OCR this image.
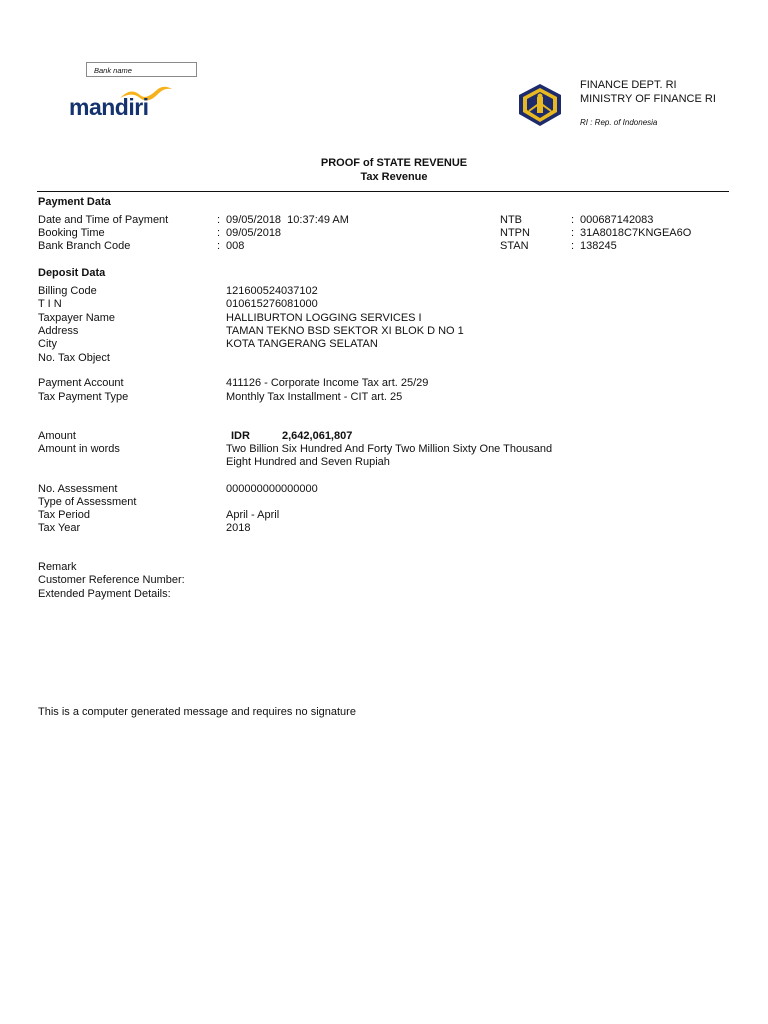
Bank name
mandiri
FINANCE DEPT. RI
MINISTRY OF FINANCE RI
RI : Rep. of Indonesia
PROOF of STATE REVENUE
Tax Revenue
Payment Data
Date and Time of Payment	: 09/05/2018  10:37:49 AM
Booking Time	: 09/05/2018
Bank Branch Code	: 008
NTB	: 000687142083
NTPN	: 31A8018C7KNGEA6O
STAN	: 138245
Deposit Data
Billing Code	121600524037102
T I N	010615276081000
Taxpayer Name	HALLIBURTON LOGGING SERVICES I
Address	TAMAN TEKNO BSD SEKTOR XI BLOK D NO 1
City	KOTA TANGERANG SELATAN
No. Tax Object
Payment Account	411126 - Corporate Income Tax art. 25/29
Tax Payment Type	Monthly Tax Installment - CIT art. 25
Amount	IDR	2,642,061,807
Amount in words	Two Billion Six Hundred And Forty Two Million Sixty One Thousand
Eight Hundred and Seven Rupiah
No. Assessment	000000000000000
Type of Assessment
Tax Period	April - April
Tax Year	2018
Remark
Customer Reference Number:
Extended Payment Details:
This is a computer generated message and requires no signature
